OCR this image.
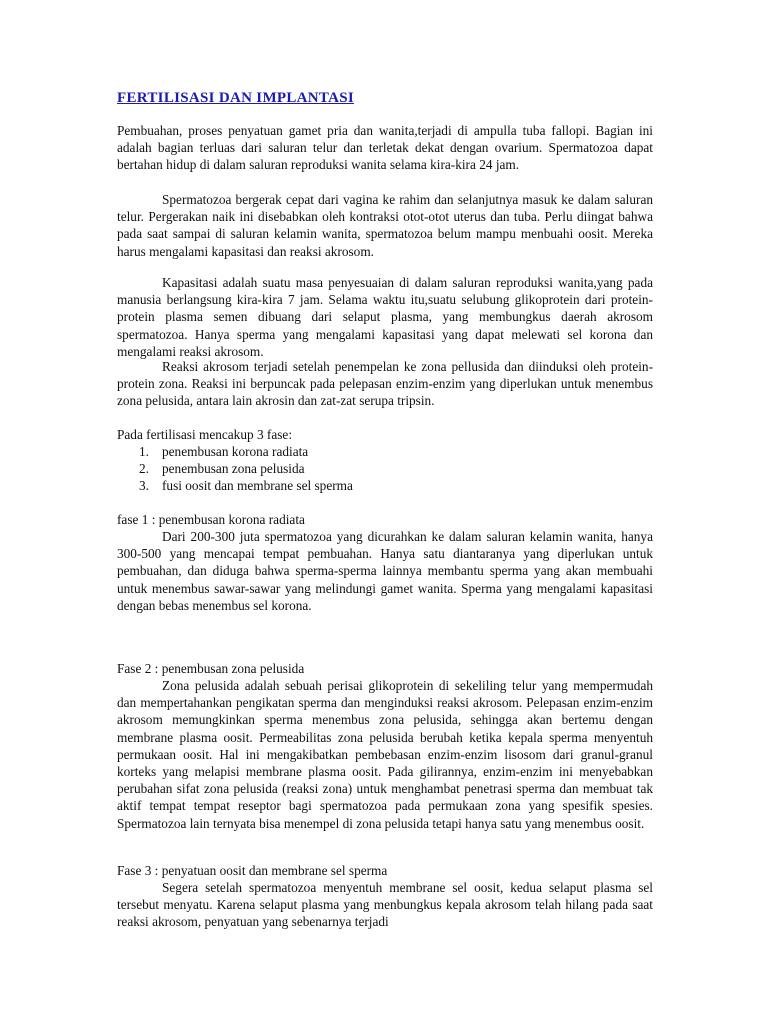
FERTILISASI DAN IMPLANTASI

Pembuahan, proses penyatuan gamet pria dan wanita,terjadi di ampulla tuba fallopi. Bagian ini adalah bagian terluas dari saluran telur dan terletak dekat dengan ovarium. Spermatozoa dapat bertahan hidup di dalam saluran reproduksi wanita selama kira-kira 24 jam.

Spermatozoa bergerak cepat dari vagina ke rahim dan selanjutnya masuk ke dalam saluran telur. Pergerakan naik ini disebabkan oleh kontraksi otot-otot uterus dan tuba. Perlu diingat bahwa pada saat sampai di saluran kelamin wanita, spermatozoa belum mampu menbuahi oosit. Mereka harus mengalami kapasitasi dan reaksi akrosom.

Kapasitasi adalah suatu masa penyesuaian di dalam saluran reproduksi wanita,yang pada manusia berlangsung kira-kira 7 jam. Selama waktu itu,suatu selubung glikoprotein dari protein-protein plasma semen dibuang dari selaput plasma, yang membungkus daerah akrosom spermatozoa. Hanya sperma yang mengalami kapasitasi yang dapat melewati sel korona dan mengalami reaksi akrosom.

Reaksi akrosom terjadi setelah penempelan ke zona pellusida dan diinduksi oleh protein-protein zona. Reaksi ini berpuncak pada pelepasan enzim-enzim yang diperlukan untuk menembus zona pelusida, antara lain akrosin dan zat-zat serupa tripsin.

Pada fertilisasi mencakup 3 fase:
1. penembusan korona radiata
2. penembusan zona pelusida
3. fusi oosit dan membrane sel sperma
fase 1 : penembusan korona radiata

Dari 200-300 juta spermatozoa yang dicurahkan ke dalam saluran kelamin wanita, hanya 300-500 yang mencapai tempat pembuahan. Hanya satu diantaranya yang diperlukan untuk pembuahan, dan diduga bahwa sperma-sperma lainnya membantu sperma yang akan membuahi untuk menembus sawar-sawar yang melindungi gamet wanita. Sperma yang mengalami kapasitasi dengan bebas menembus sel korona.

Fase 2 : penembusan zona pelusida

Zona pelusida adalah sebuah perisai glikoprotein di sekeliling telur yang mempermudah dan mempertahankan pengikatan sperma dan menginduksi reaksi akrosom. Pelepasan enzim-enzim akrosom memungkinkan sperma menembus zona pelusida, sehingga akan bertemu dengan membrane plasma oosit. Permeabilitas zona pelusida berubah ketika kepala sperma menyentuh permukaan oosit. Hal ini mengakibatkan pembebasan enzim-enzim lisosom dari granul-granul korteks yang melapisi membrane plasma oosit. Pada gilirannya, enzim-enzim ini menyebabkan perubahan sifat zona pelusida (reaksi zona) untuk menghambat penetrasi sperma dan membuat tak aktif tempat tempat reseptor bagi spermatozoa pada permukaan zona yang spesifik spesies. Spermatozoa lain ternyata bisa menempel di zona pelusida tetapi hanya satu yang menembus oosit.

Fase 3 : penyatuan oosit dan membrane sel sperma

Segera setelah spermatozoa menyentuh membrane sel oosit, kedua selaput plasma sel tersebut menyatu. Karena selaput plasma yang menbungkus kepala akrosom telah hilang pada saat reaksi akrosom, penyatuan yang sebenarnya terjadi
